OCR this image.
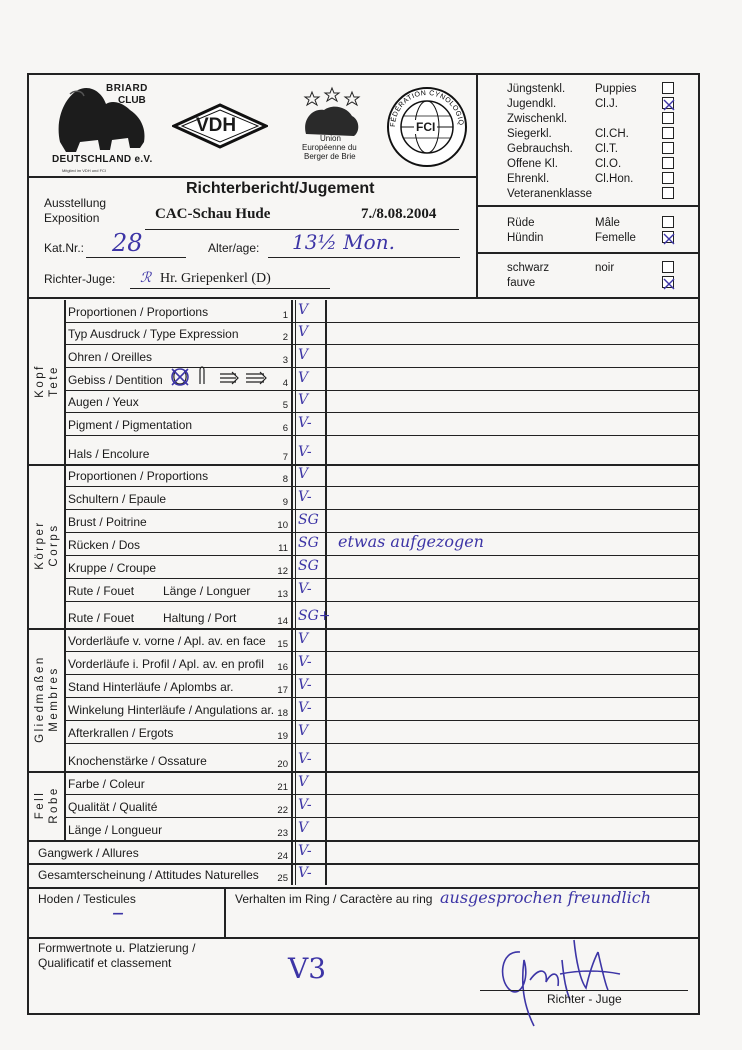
BRIARD
CLUB
DEUTSCHLAND e.V.
Mitglied im VDH und FCI
VDH
Union
Européenne du
Berger de Brie
FÉDÉRATION CYNOLOGIQ
FCI
Jüngstenkl.	Puppies
Jugendkl.	Cl.J.
Zwischenkl.
Siegerkl.	Cl.CH.
Gebrauchsh. Cl.T.
Offene Kl.	Cl.O.
Ehrenkl.	Cl.Hon.
Veteranenklasse
Rüde	Mâle
Hündin	Femelle
schwarz	noir
fauve
Richterbericht/Jugement
Ausstellung
Exposition	CAC-Schau Hude	7./8.08.2004
Kat.Nr.: 28	Alter/age: 13½ Mon.
Richter-Juge: ℛ Hr. Griepenkerl (D)
Proportionen / Proportions	1 V
Typ Ausdruck / Type Expression	2 V
Ohren / Oreilles	3 V
Gebiss / Dentition	4 V
Augen / Yeux	5 V
Pigment / Pigmentation	6 V-
Hals / Encolure	7 V-
Proportionen / Proportions	8 V
Schultern / Epaule	9 V-
Brust / Poitrine	10 SG
Rücken / Dos	11 SG etwas aufgezogen
Kruppe / Croupe	12 SG
Rute / Fouet Länge / Longuer	13 V-
Rute / Fouet Haltung / Port	14 SG+
Vorderläufe v. vorne / Apl. av. en face	15 V
Vorderläufe i. Profil / Apl. av. en profil	16 V-
Stand Hinterläufe / Aplombs ar.	17 V-
Winkelung Hinterläufe / Angulations ar. 18 V-
Afterkrallen / Ergots	19 V
Knochenstärke / Ossature	20 V-
Farbe / Coleur	21 V
Qualität / Qualité	22 V-
Länge / Longueur	23 V
Gangwerk / Allures	24 V-
Gesamterscheinung / Attitudes Naturelles	25 V-
Kopf Tete
Körper Corps
Gliedmaßen Membres
Fell Robe
Hoden / Testicules
–	Verhalten im Ring / Caractère au ring ausgesprochen freundlich
Formwertnote u. Platzierung /
Qualificatif et classement	V3
Richter - Juge
